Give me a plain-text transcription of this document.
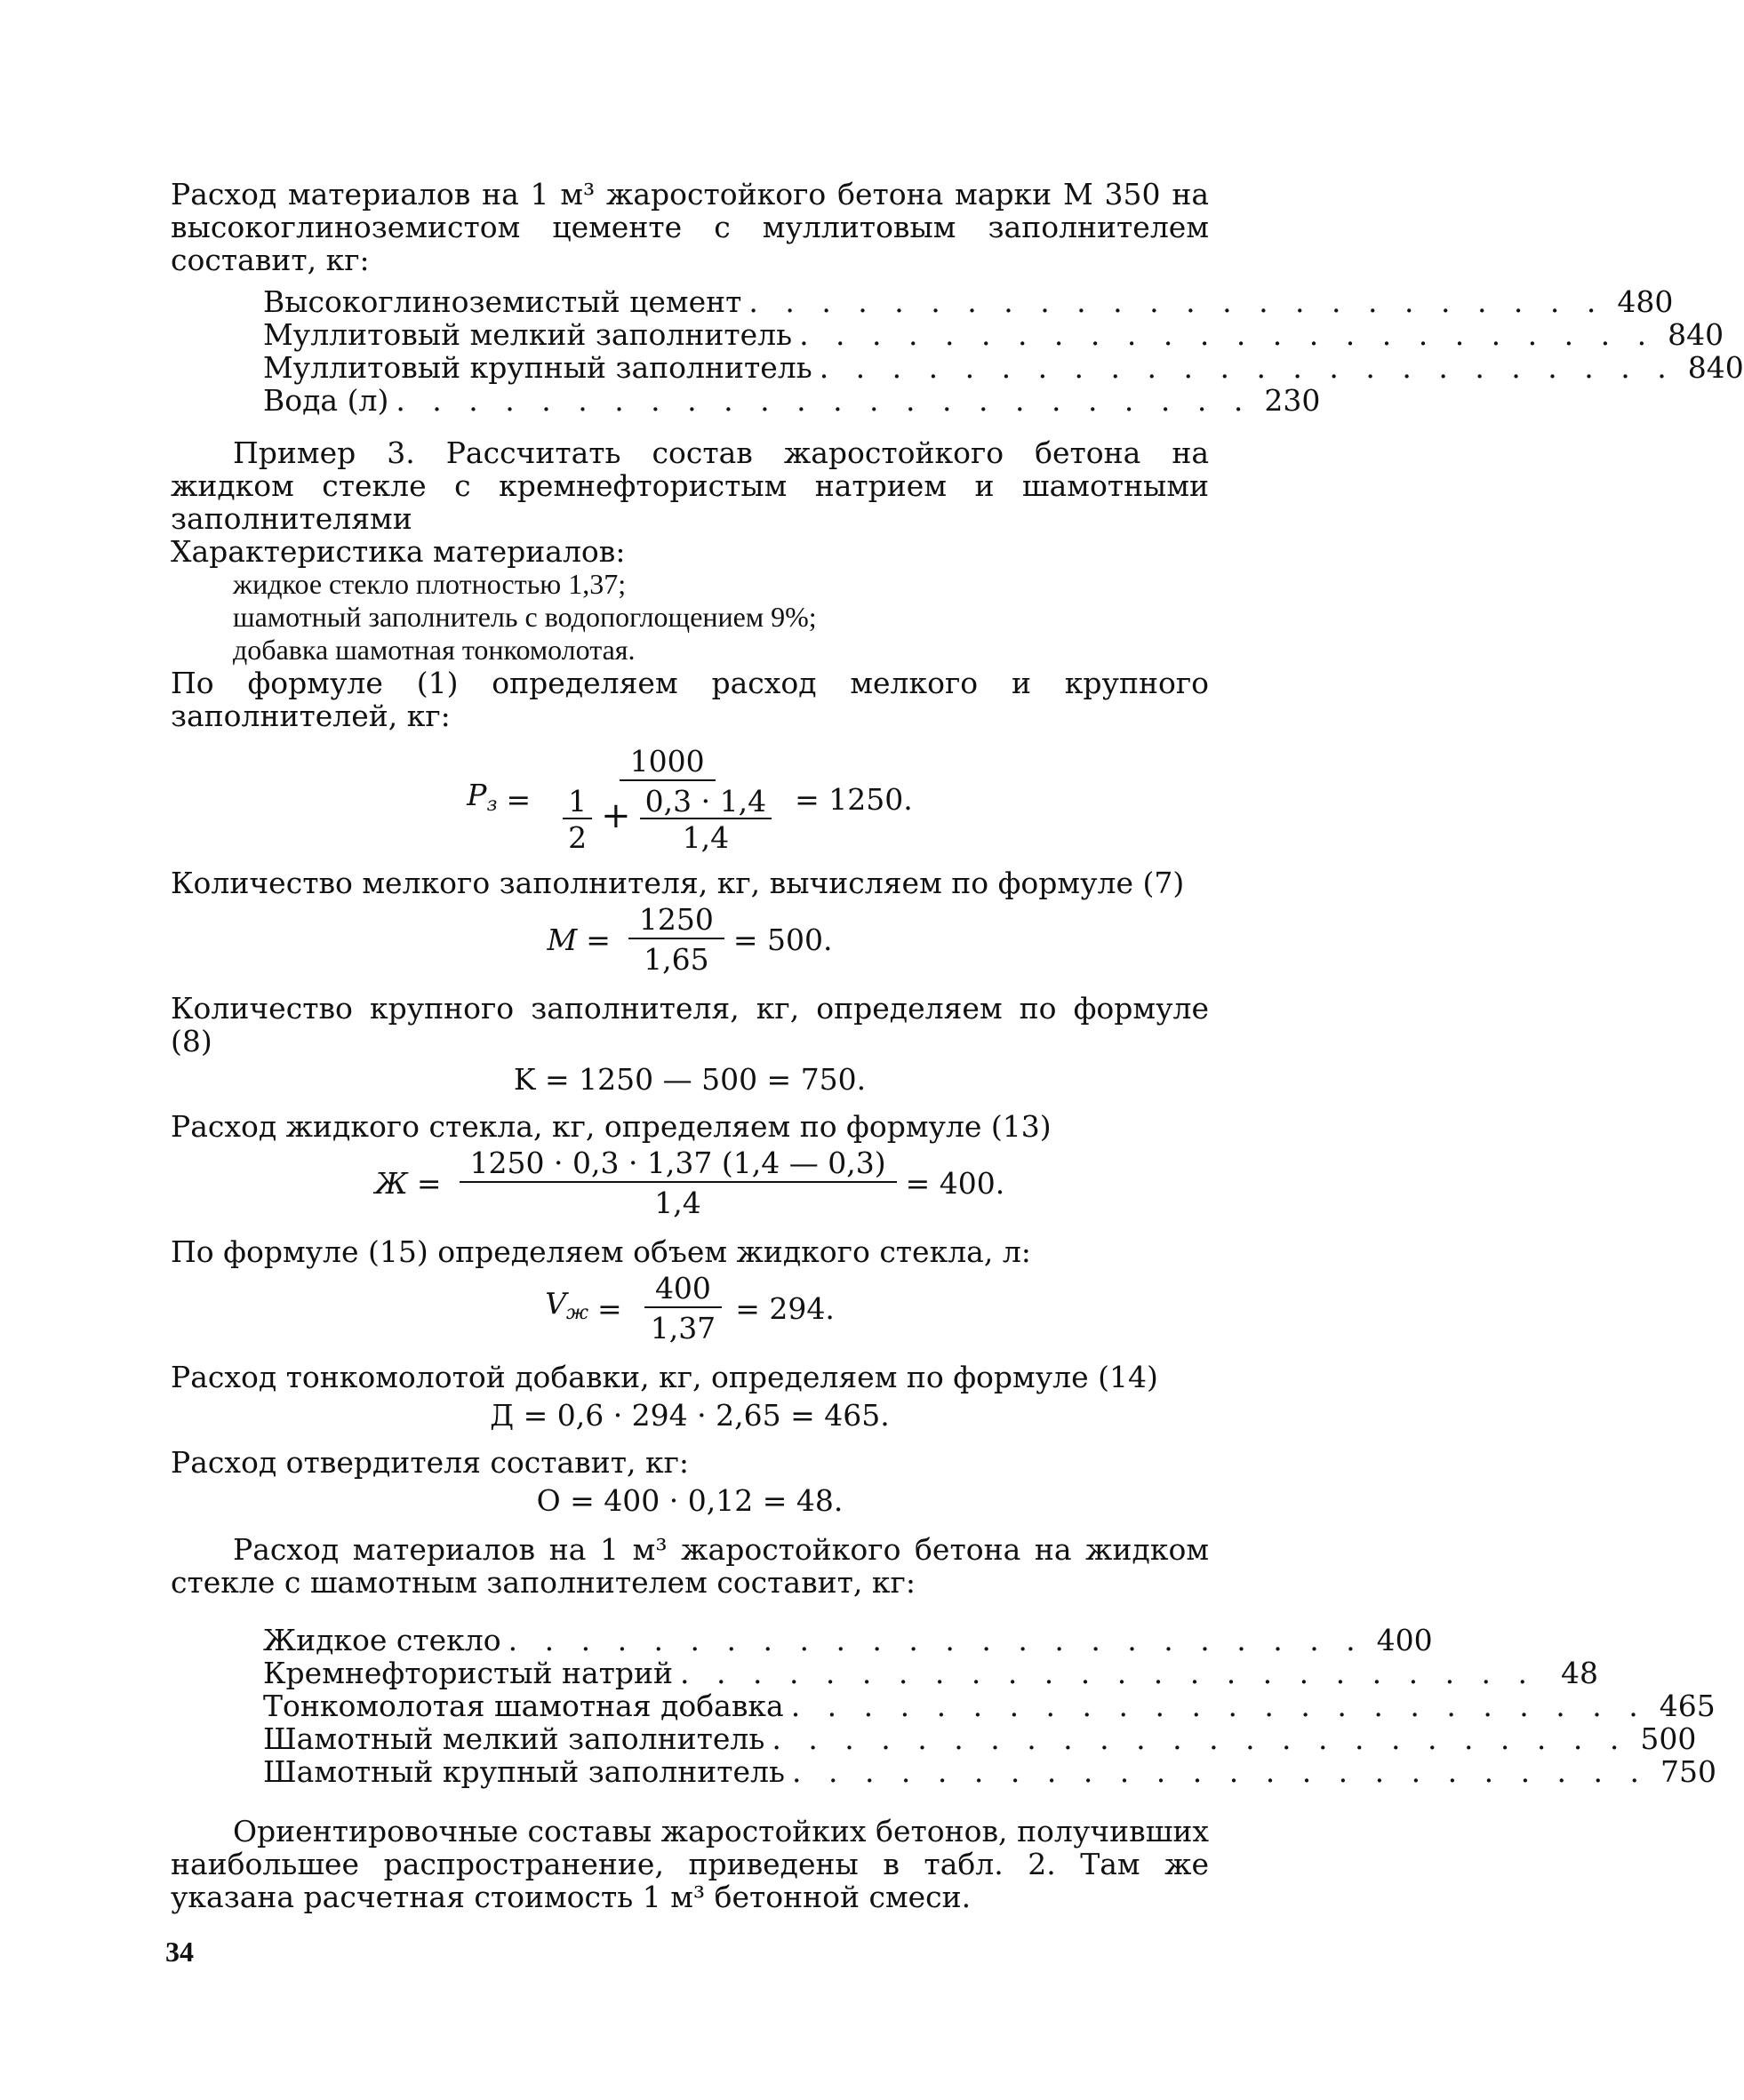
Расход материалов на 1 м³ жаростойкого бетона марки М 350 на высокоглиноземистом цементе с муллитовым заполнителем составит, кг:

Высокоглиноземистый цемент . . . . . . . . . . . . . . . . . . . . . . . . 480
Муллитовый мелкий заполнитель . . . . . . . . . . . . . . . . . . . . . . . . 840
Муллитовый крупный заполнитель . . . . . . . . . . . . . . . . . . . . . . . . 840
Вода (л) . . . . . . . . . . . . . . . . . . . . . . . . 230

Пример 3. Рассчитать состав жаростойкого бетона на жидком стекле с кремнефтористым натрием и шамотными заполнителями

Характеристика материалов:

жидкое стекло плотностью 1,37;

шамотный заполнитель с водопоглощением 9%;

добавка шамотная тонкомолотая.

По формуле (1) определяем расход мелкого и крупного заполнителей, кг:

$P_з = \frac{1000}{\frac{1}{2} + \frac{0,3 \cdot 1,4}{1,4}} = 1250$.

Количество мелкого заполнителя, кг, вычисляем по формуле (7)

$M = \frac{1250}{1,65} = 500$.

Количество крупного заполнителя, кг, определяем по формуле (8)

K = 1250 — 500 = 750.

Расход жидкого стекла, кг, определяем по формуле (13)

$Ж = \frac{1250 \cdot 0,3 \cdot 1,37 (1,4 — 0,3)}{1,4} = 400$.

По формуле (15) определяем объем жидкого стекла, л:

$V_ж = \frac{400}{1,37} = 294$.

Расход тонкомолотой добавки, кг, определяем по формуле (14)

Д = 0,6 · 294 · 2,65 = 465.

Расход отвердителя составит, кг:

O = 400 · 0,12 = 48.

Расход материалов на 1 м³ жаростойкого бетона на жидком стекле с шамотным заполнителем составит, кг:

Жидкое стекло . . . . . . . . . . . . . . . . . . . . . . . . 400
Кремнефтористый натрий . . . . . . . . . . . . . . . . . . . . . . . . 48
Тонкомолотая шамотная добавка . . . . . . . . . . . . . . . . . . . . . . . . 465
Шамотный мелкий заполнитель . . . . . . . . . . . . . . . . . . . . . . . . 500
Шамотный крупный заполнитель . . . . . . . . . . . . . . . . . . . . . . . . 750

Ориентировочные составы жаростойких бетонов, получивших наибольшее распространение, приведены в табл. 2. Там же указана расчетная стоимость 1 м³ бетонной смеси.

34
